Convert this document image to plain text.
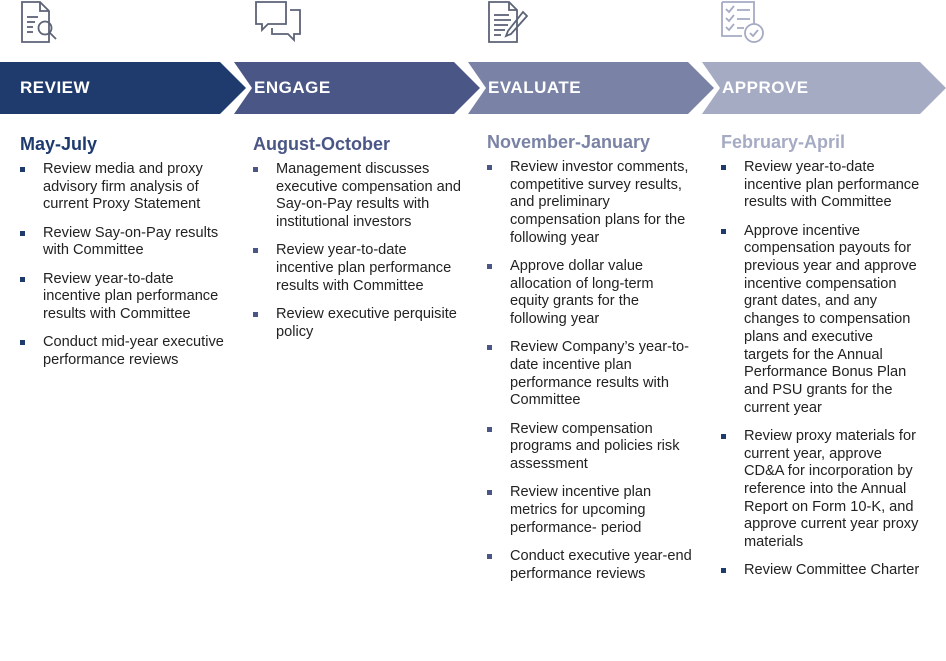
REVIEW	ENGAGE	EVALUATE	APPROVE
May-July
Review media and proxy advisory firm analysis of current Proxy Statement
Review Say-on-Pay results with Committee
Review year-to-date incentive plan performance results with Committee
Conduct mid-year executive performance reviews
August-October
Management discusses executive compensation and Say-on-Pay results with institutional investors
Review year-to-date incentive plan performance results with Committee
Review executive perquisite policy
November-January
Review investor comments, competitive survey results, and preliminary compensation plans for the following year
Approve dollar value allocation of long-term equity grants for the following year
Review Company’s year-to-date incentive plan performance results with Committee
Review compensation programs and policies risk assessment
Review incentive plan metrics for upcoming performance- period
Conduct executive year-end performance reviews
February-April
Review year-to-date incentive plan performance results with Committee
Approve incentive compensation payouts for previous year and approve incentive compensation grant dates, and any changes to compensation plans and executive targets for the Annual Performance Bonus Plan and PSU grants for the current year
Review proxy materials for current year, approve CD&A for incorporation by reference into the Annual Report on Form 10-K, and approve current year proxy materials
Review Committee Charter
